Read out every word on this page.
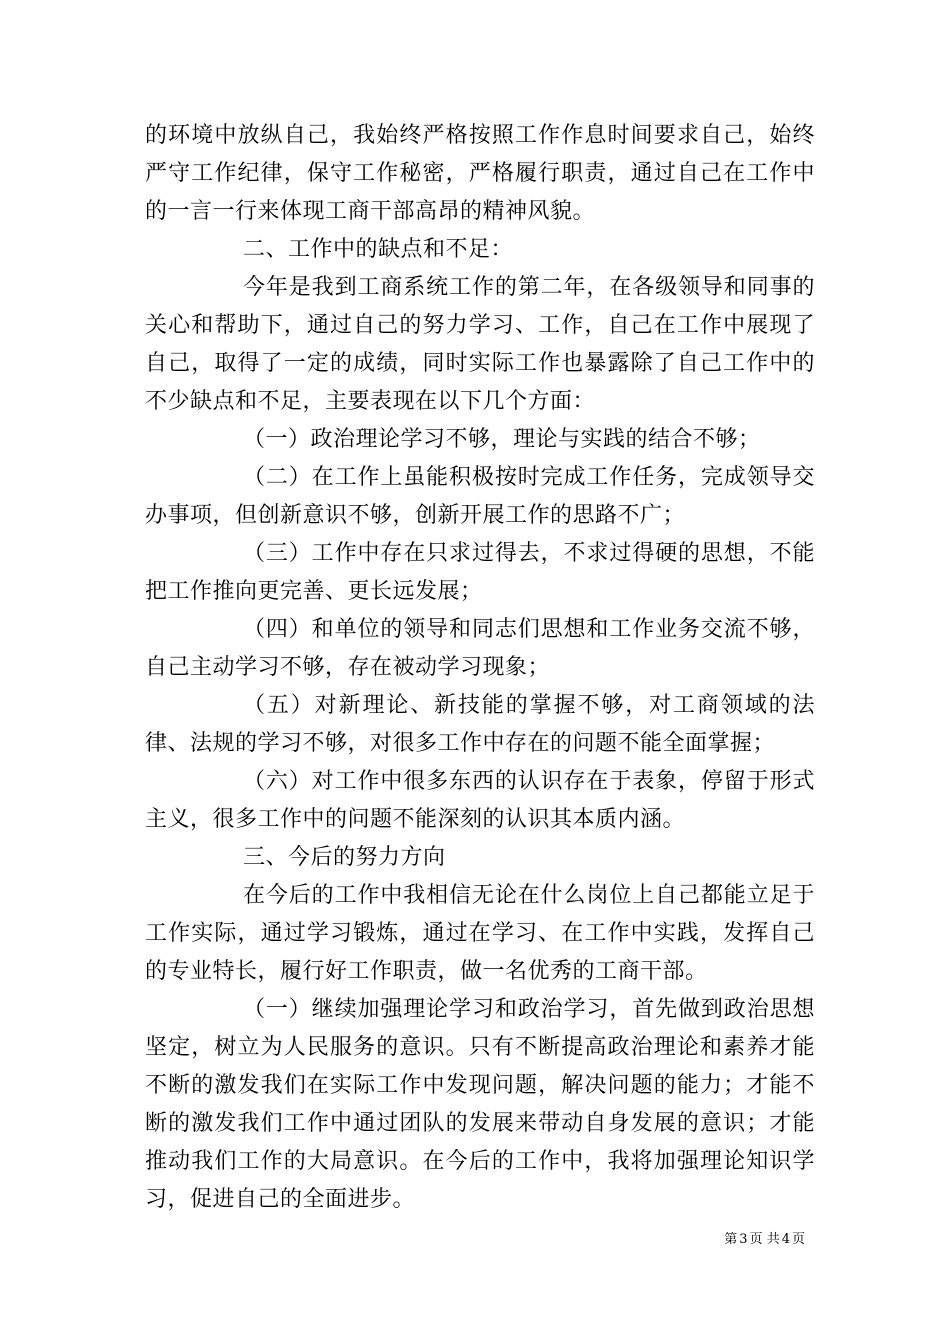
的环境中放纵自己，我始终严格按照工作作息时间要求自己，始终严守工作纪律，保守工作秘密，严格履行职责，通过自己在工作中的一言一行来体现工商干部高昂的精神风貌。

二、工作中的缺点和不足：

今年是我到工商系统工作的第二年，在各级领导和同事的关心和帮助下，通过自己的努力学习、工作，自己在工作中展现了自己，取得了一定的成绩，同时实际工作也暴露除了自己工作中的不少缺点和不足，主要表现在以下几个方面：

（一）政治理论学习不够，理论与实践的结合不够；

（二）在工作上虽能积极按时完成工作任务，完成领导交办事项，但创新意识不够，创新开展工作的思路不广；

（三）工作中存在只求过得去，不求过得硬的思想，不能把工作推向更完善、更长远发展；

（四）和单位的领导和同志们思想和工作业务交流不够，自己主动学习不够，存在被动学习现象；

（五）对新理论、新技能的掌握不够，对工商领域的法律、法规的学习不够，对很多工作中存在的问题不能全面掌握；

（六）对工作中很多东西的认识存在于表象，停留于形式主义，很多工作中的问题不能深刻的认识其本质内涵。

三、今后的努力方向

在今后的工作中我相信无论在什么岗位上自己都能立足于工作实际，通过学习锻炼，通过在学习、在工作中实践，发挥自己的专业特长，履行好工作职责，做一名优秀的工商干部。

（一）继续加强理论学习和政治学习，首先做到政治思想坚定，树立为人民服务的意识。只有不断提高政治理论和素养才能不断的激发我们在实际工作中发现问题，解决问题的能力；才能不断的激发我们工作中通过团队的发展来带动自身发展的意识；才能推动我们工作的大局意识。在今后的工作中，我将加强理论知识学习，促进自己的全面进步。

第 3 页 共 4 页
